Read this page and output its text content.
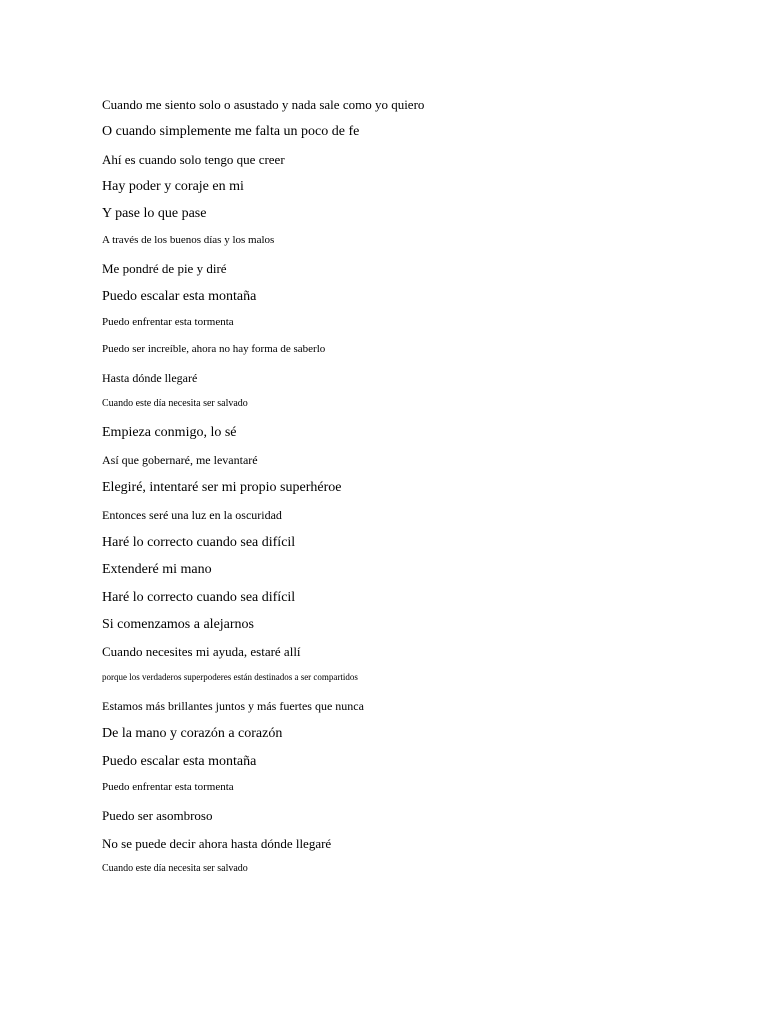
Cuando me siento solo o asustado y nada sale como yo quiero
O cuando simplemente me falta un poco de fe
Ahí es cuando solo tengo que creer
Hay poder y coraje en mi
Y pase lo que pase
A través de los buenos días y los malos
Me pondré de pie y diré
Puedo escalar esta montaña
Puedo enfrentar esta tormenta
Puedo ser increíble, ahora no hay forma de saberlo
Hasta dónde llegaré
Cuando este día necesita ser salvado
Empieza conmigo, lo sé
Así que gobernaré, me levantaré
Elegiré, intentaré ser mi propio superhéroe
Entonces seré una luz en la oscuridad
Haré lo correcto cuando sea difícil
Extenderé mi mano
Haré lo correcto cuando sea difícil
Si comenzamos a alejarnos
Cuando necesites mi ayuda, estaré allí
porque los verdaderos superpoderes están destinados a ser compartidos
Estamos más brillantes juntos y más fuertes que nunca
De la mano y corazón a corazón
Puedo escalar esta montaña
Puedo enfrentar esta tormenta
Puedo ser asombroso
No se puede decir ahora hasta dónde llegaré
Cuando este día necesita ser salvado
